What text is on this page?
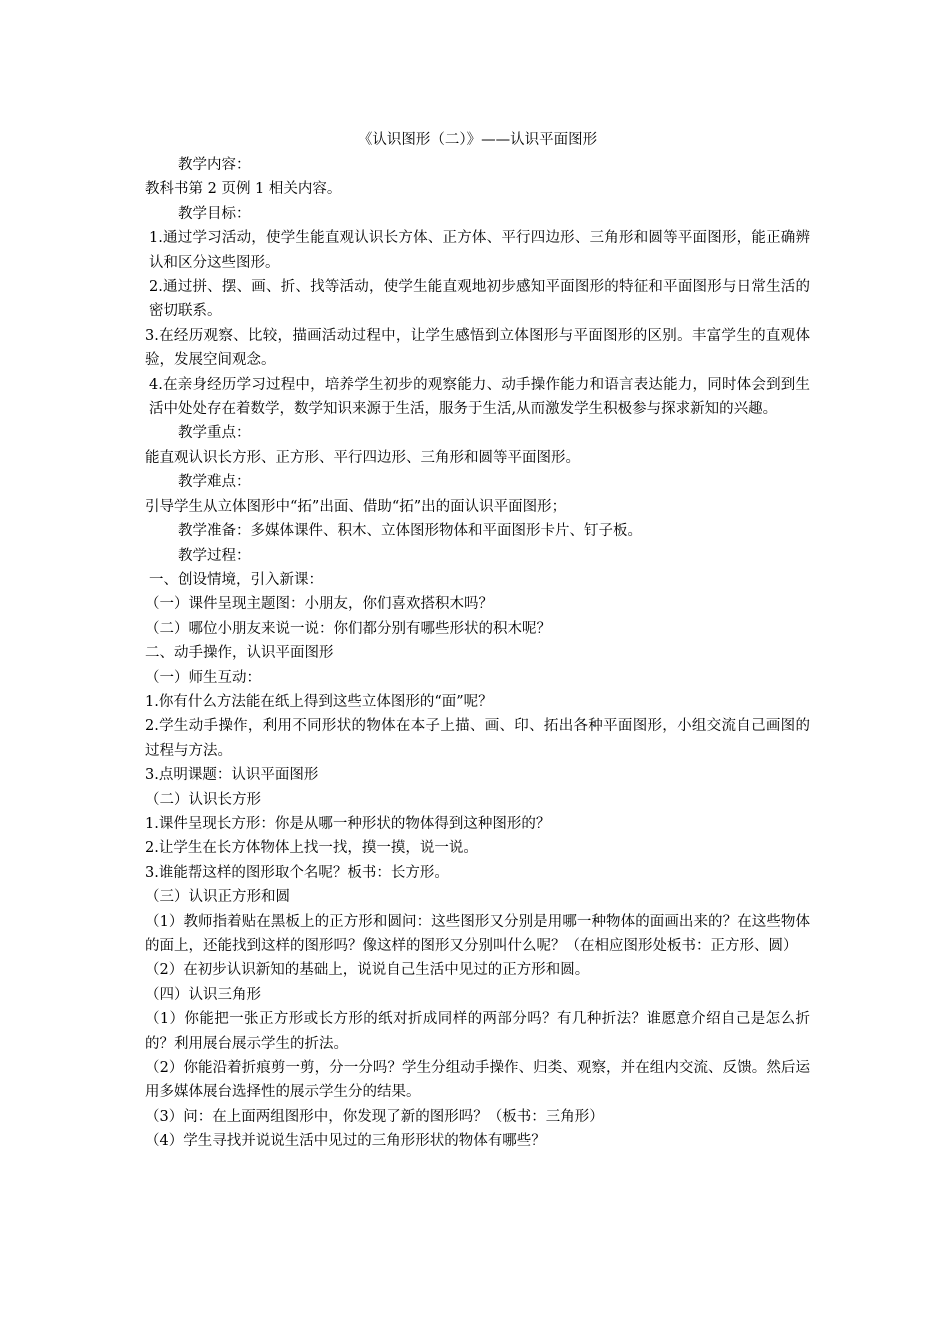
《认识图形（二）》——认识平面图形
教学内容：
教科书第 2 页例 1 相关内容。
教学目标：
1.通过学习活动，使学生能直观认识长方体、正方体、平行四边形、三角形和圆等平面图形，能正确辨认和区分这些图形。
2.通过拼、摆、画、折、找等活动，使学生能直观地初步感知平面图形的特征和平面图形与日常生活的密切联系。
3.在经历观察、比较，描画活动过程中，让学生感悟到立体图形与平面图形的区别。丰富学生的直观体验，发展空间观念。
4.在亲身经历学习过程中，培养学生初步的观察能力、动手操作能力和语言表达能力，同时体会到到生活中处处存在着数学，数学知识来源于生活，服务于生活,从而激发学生积极参与探求新知的兴趣。
教学重点：
能直观认识长方形、正方形、平行四边形、三角形和圆等平面图形。
教学难点：
引导学生从立体图形中“拓”出面、借助“拓”出的面认识平面图形；
教学准备：多媒体课件、积木、立体图形物体和平面图形卡片、钉子板。
教学过程：
一、创设情境，引入新课：
（一）课件呈现主题图：小朋友，你们喜欢搭积木吗？
（二）哪位小朋友来说一说：你们都分别有哪些形状的积木呢？
二、动手操作，认识平面图形
（一）师生互动：
1.你有什么方法能在纸上得到这些立体图形的“面”呢？
2.学生动手操作，利用不同形状的物体在本子上描、画、印、拓出各种平面图形，小组交流自己画图的过程与方法。
3.点明课题：认识平面图形
（二）认识长方形
1.课件呈现长方形：你是从哪一种形状的物体得到这种图形的？
2.让学生在长方体物体上找一找，摸一摸，说一说。
3.谁能帮这样的图形取个名呢？板书：长方形。
（三）认识正方形和圆
（1）教师指着贴在黑板上的正方形和圆问：这些图形又分别是用哪一种物体的面画出来的？在这些物体的面上，还能找到这样的图形吗？像这样的图形又分别叫什么呢？（在相应图形处板书：正方形、圆）
（2）在初步认识新知的基础上，说说自己生活中见过的正方形和圆。
（四）认识三角形
（1）你能把一张正方形或长方形的纸对折成同样的两部分吗？有几种折法？谁愿意介绍自己是怎么折的？利用展台展示学生的折法。
（2）你能沿着折痕剪一剪，分一分吗？学生分组动手操作、归类、观察，并在组内交流、反馈。然后运用多媒体展台选择性的展示学生分的结果。
（3）问：在上面两组图形中，你发现了新的图形吗？（板书：三角形）
（4）学生寻找并说说生活中见过的三角形形状的物体有哪些？
